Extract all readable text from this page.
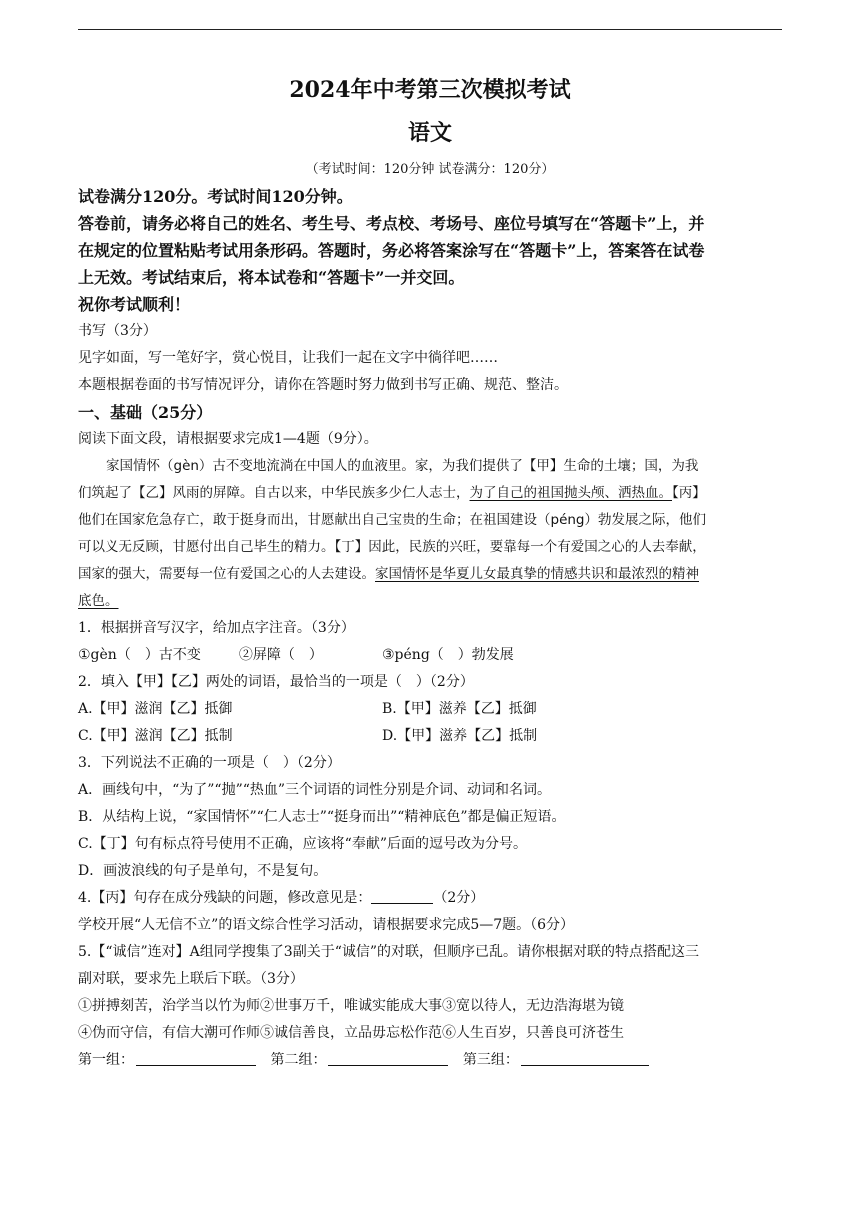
2024年中考第三次模拟考试
语文
（考试时间：120分钟 试卷满分：120分）
试卷满分120分。考试时间120分钟。
答卷前，请务必将自己的姓名、考生号、考点校、考场号、座位号填写在“答题卡”上，并
在规定的位置粘贴考试用条形码。答题时，务必将答案涂写在“答题卡”上，答案答在试卷
上无效。考试结束后，将本试卷和“答题卡”一并交回。
祝你考试顺利！
书写（3分）
见字如面，写一笔好字，赏心悦目，让我们一起在文字中徜徉吧……
本题根据卷面的书写情况评分，请你在答题时努力做到书写正确、规范、整洁。
一、基础（25分）
阅读下面文段，请根据要求完成1—4题（9分）。
家国情怀（gèn）古不变地流淌在中国人的血液里。家，为我们提供了【甲】生命的土壤；国，为我
们筑起了【乙】风雨的屏障。自古以来，中华民族多少仁人志士，为了自己的祖国抛头颅、洒热血。【丙】
他们在国家危急存亡，敢于挺身而出，甘愿献出自己宝贵的生命；在祖国建设（péng）勃发展之际，他们
可以义无反顾，甘愿付出自己毕生的精力。【丁】因此，民族的兴旺，要靠每一个有爱国之心的人去奉献，
国家的强大，需要每一位有爱国之心的人去建设。家国情怀是华夏儿女最真挚的情感共识和最浓烈的精神
底色。
1．根据拼音写汉字，给加点字注音。（3分）
①gèn（　）古不变	②屏障（　）	③péng（　）勃发展
2．填入【甲】【乙】两处的词语，最恰当的一项是（　）（2分）
A.【甲】滋润【乙】抵御	B.【甲】滋养【乙】抵御
C.【甲】滋润【乙】抵制	D.【甲】滋养【乙】抵制
3．下列说法不正确的一项是（　）（2分）
A．画线句中，“为了”“抛”“热血”三个词语的词性分别是介词、动词和名词。
B．从结构上说，“家国情怀”“仁人志士”“挺身而出”“精神底色”都是偏正短语。
C.【丁】句有标点符号使用不正确，应该将“奉献”后面的逗号改为分号。
D．画波浪线的句子是单句，不是复句。
4.【丙】句存在成分残缺的问题，修改意见是：	（2分）
学校开展“人无信不立”的语文综合性学习活动，请根据要求完成5—7题。（6分）
5.【“诚信”连对】A组同学搜集了3副关于“诚信”的对联，但顺序已乱。请你根据对联的特点搭配这三
副对联，要求先上联后下联。（3分）
①拼搏刻苦，治学当以竹为师②世事万千，唯诚实能成大事③宽以待人，无边浩海堪为镜
④伪而守信，有信大潮可作师⑤诚信善良，立品毋忘松作范⑥人生百岁，只善良可济苍生
第一组：	第二组：	第三组：
